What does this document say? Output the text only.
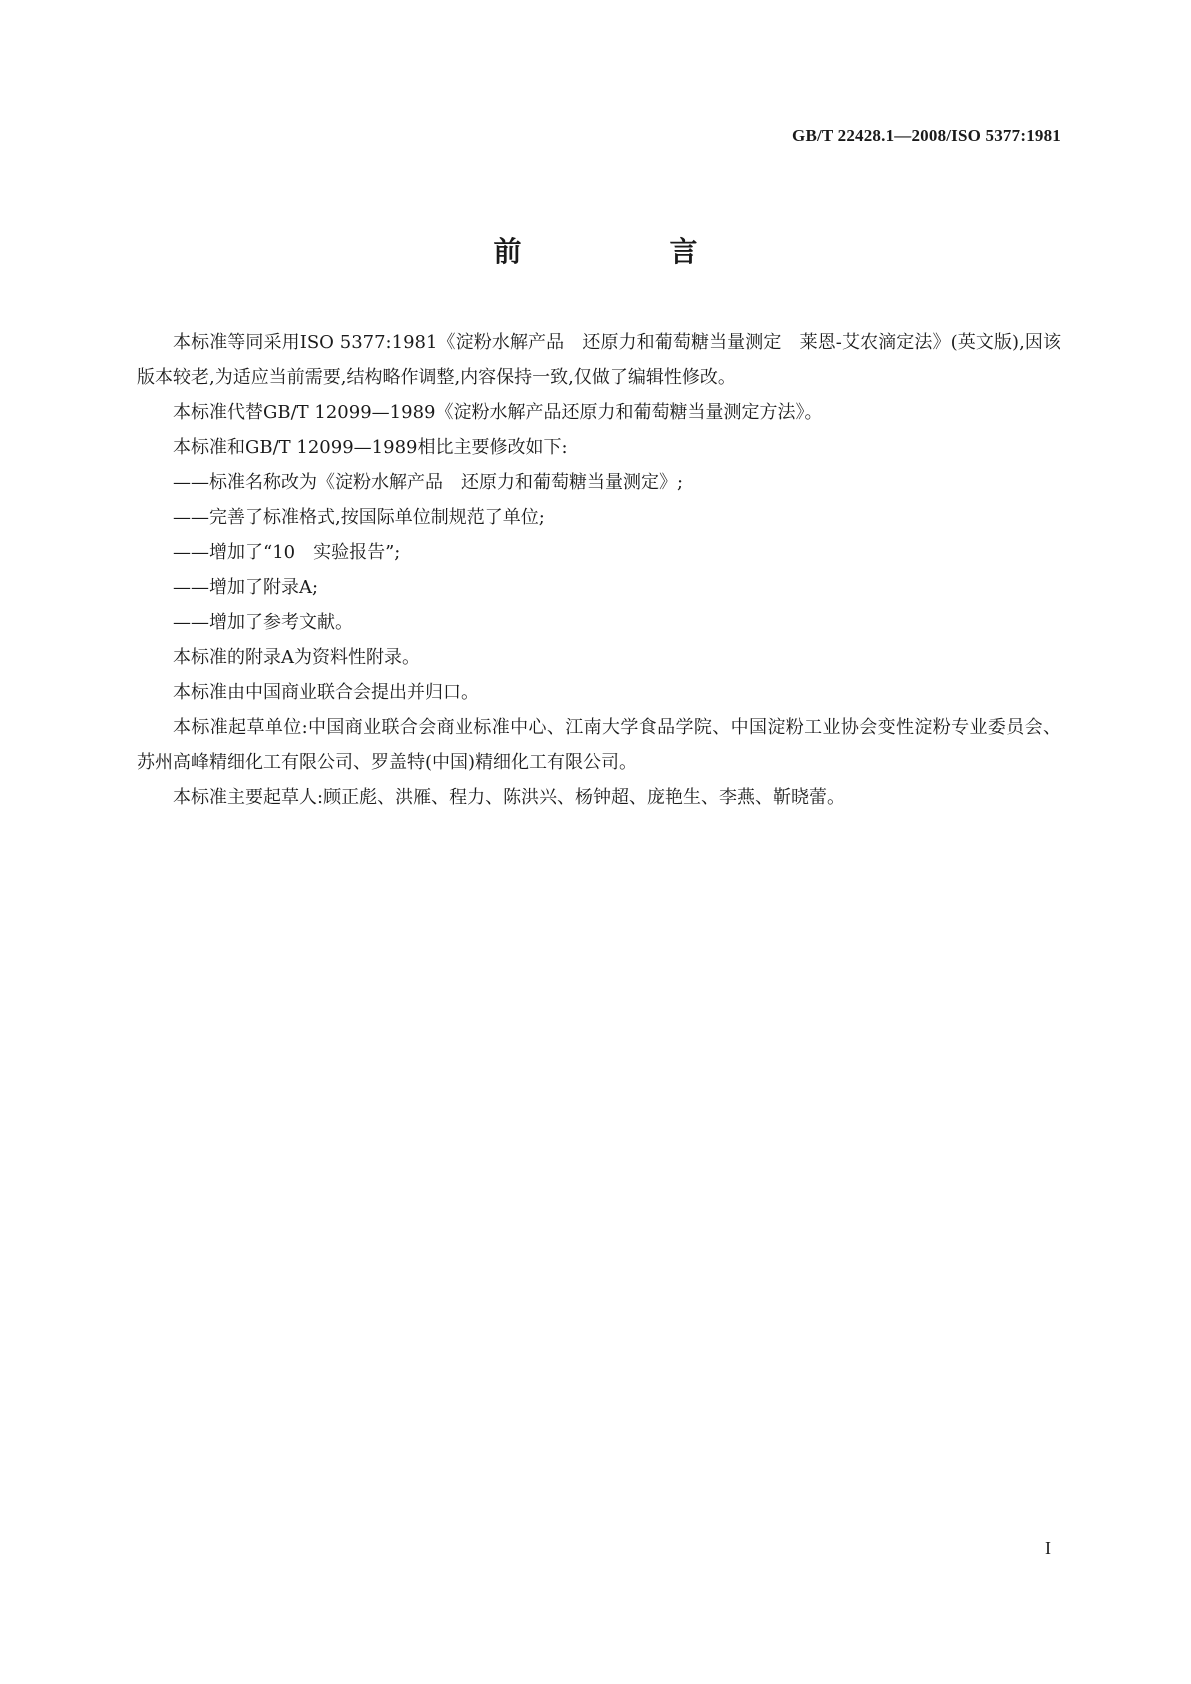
GB/T 22428.1—2008/ISO 5377:1981
前　言

本标准等同采用ISO 5377:1981《淀粉水解产品　还原力和葡萄糖当量测定　莱恩-艾农滴定法》(英文版),因该版本较老,为适应当前需要,结构略作调整,内容保持一致,仅做了编辑性修改。

本标准代替GB/T 12099—1989《淀粉水解产品还原力和葡萄糖当量测定方法》。

本标准和GB/T 12099—1989相比主要修改如下:

——标准名称改为《淀粉水解产品　还原力和葡萄糖当量测定》;

——完善了标准格式,按国际单位制规范了单位;

——增加了“10　实验报告”;

——增加了附录A;

——增加了参考文献。

本标准的附录A为资料性附录。

本标准由中国商业联合会提出并归口。

本标准起草单位:中国商业联合会商业标准中心、江南大学食品学院、中国淀粉工业协会变性淀粉专业委员会、苏州高峰精细化工有限公司、罗盖特(中国)精细化工有限公司。

本标准主要起草人:顾正彪、洪雁、程力、陈洪兴、杨钟超、庞艳生、李燕、靳晓蕾。

I
